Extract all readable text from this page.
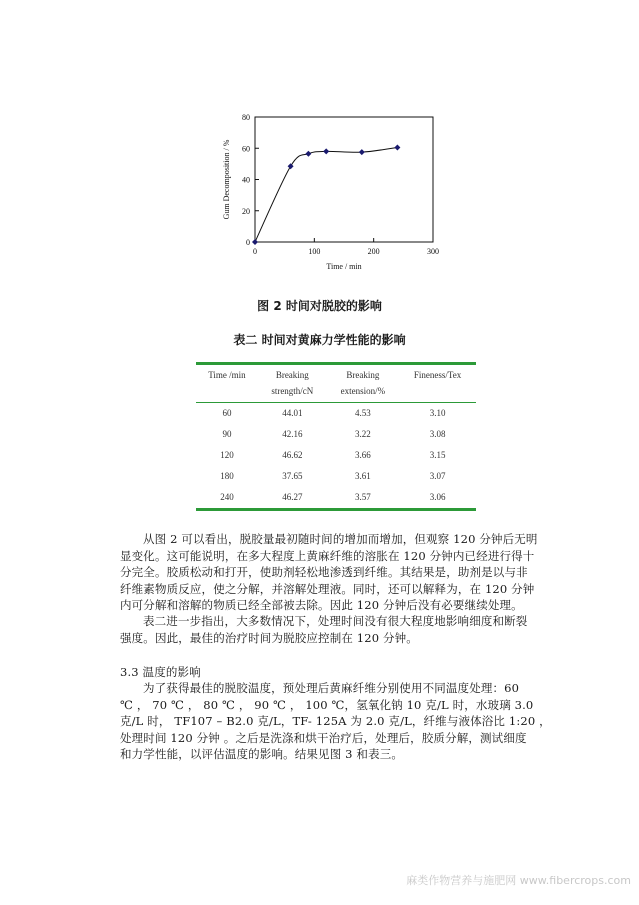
0	100	200	300
0
20
40
60
80
Time / min
Gum Decomposition / %
图 2 时间对脱胶的影响
表二 时间对黄麻力学性能的影响
Time /min	Breaking	Breaking	Fineness/Tex
	strength/cN	extension/%	
60	44.01	4.53	3.10
90	42.16	3.22	3.08
120	46.62	3.66	3.15
180	37.65	3.61	3.07
240	46.27	3.57	3.06
从图 2 可以看出，脱胶量最初随时间的增加而增加，但观察 120 分钟后无明
显变化。这可能说明，在多大程度上黄麻纤维的溶胀在 120 分钟内已经进行得十
分完全。胶质松动和打开，使助剂轻松地渗透到纤维。其结果是，助剂是以与非
纤维素物质反应，使之分解，并溶解处理液。同时，还可以解释为，在 120 分钟
内可分解和溶解的物质已经全部被去除。因此 120 分钟后没有必要继续处理。
表二进一步指出，大多数情况下，处理时间没有很大程度地影响细度和断裂
强度。因此，最佳的治疗时间为脱胶应控制在 120 分钟。
3.3 温度的影响
为了获得最佳的脱胶温度，预处理后黄麻纤维分别使用不同温度处理：60
℃ ， 70 ℃ ， 80 ℃ ， 90 ℃ ， 100 ℃，氢氧化钠 10 克/L 时，水玻璃 3.0
克/L 时， TF107 – B2.0 克/L，TF- 125A 为 2.0 克/L，纤维与液体浴比 1:20 ，
处理时间 120 分钟 。之后是洗涤和烘干治疗后，处理后，胶质分解，测试细度
和力学性能，以评估温度的影响。结果见图 3 和表三。
麻类作物营养与施肥网 www.fibercrops.com
